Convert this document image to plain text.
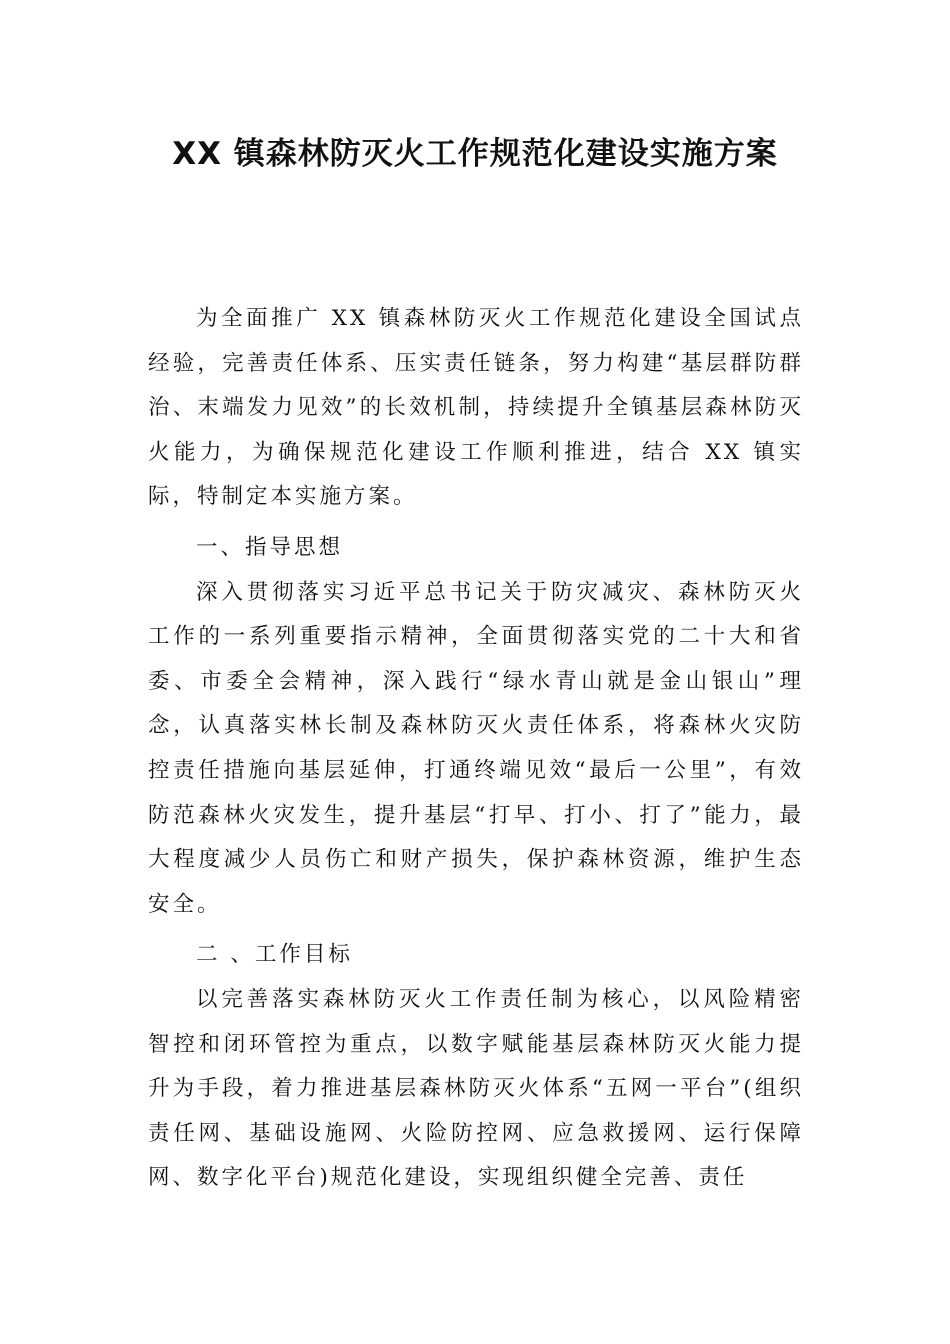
XX 镇森林防灭火工作规范化建设实施方案

为全面推广 XX 镇森林防灭火工作规范化建设全国试点经验，完善责任体系、压实责任链条，努力构建“基层群防群治、末端发力见效”的长效机制，持续提升全镇基层森林防灭火能力，为确保规范化建设工作顺利推进，结合 XX 镇实际，特制定本实施方案。

一、指导思想

深入贯彻落实习近平总书记关于防灾减灾、森林防灭火工作的一系列重要指示精神，全面贯彻落实党的二十大和省委、市委全会精神，深入践行“绿水青山就是金山银山”理念，认真落实林长制及森林防灭火责任体系，将森林火灾防控责任措施向基层延伸，打通终端见效“最后一公里”，有效防范森林火灾发生，提升基层“打早、打小、打了”能力，最大程度减少人员伤亡和财产损失，保护森林资源，维护生态安全。

二 、工作目标

以完善落实森林防灭火工作责任制为核心，以风险精密智控和闭环管控为重点，以数字赋能基层森林防灭火能力提升为手段，着力推进基层森林防灭火体系“五网一平台”(组织责任网、基础设施网、火险防控网、应急救援网、运行保障网、数字化平台)规范化建设，实现组织健全完善、责任
